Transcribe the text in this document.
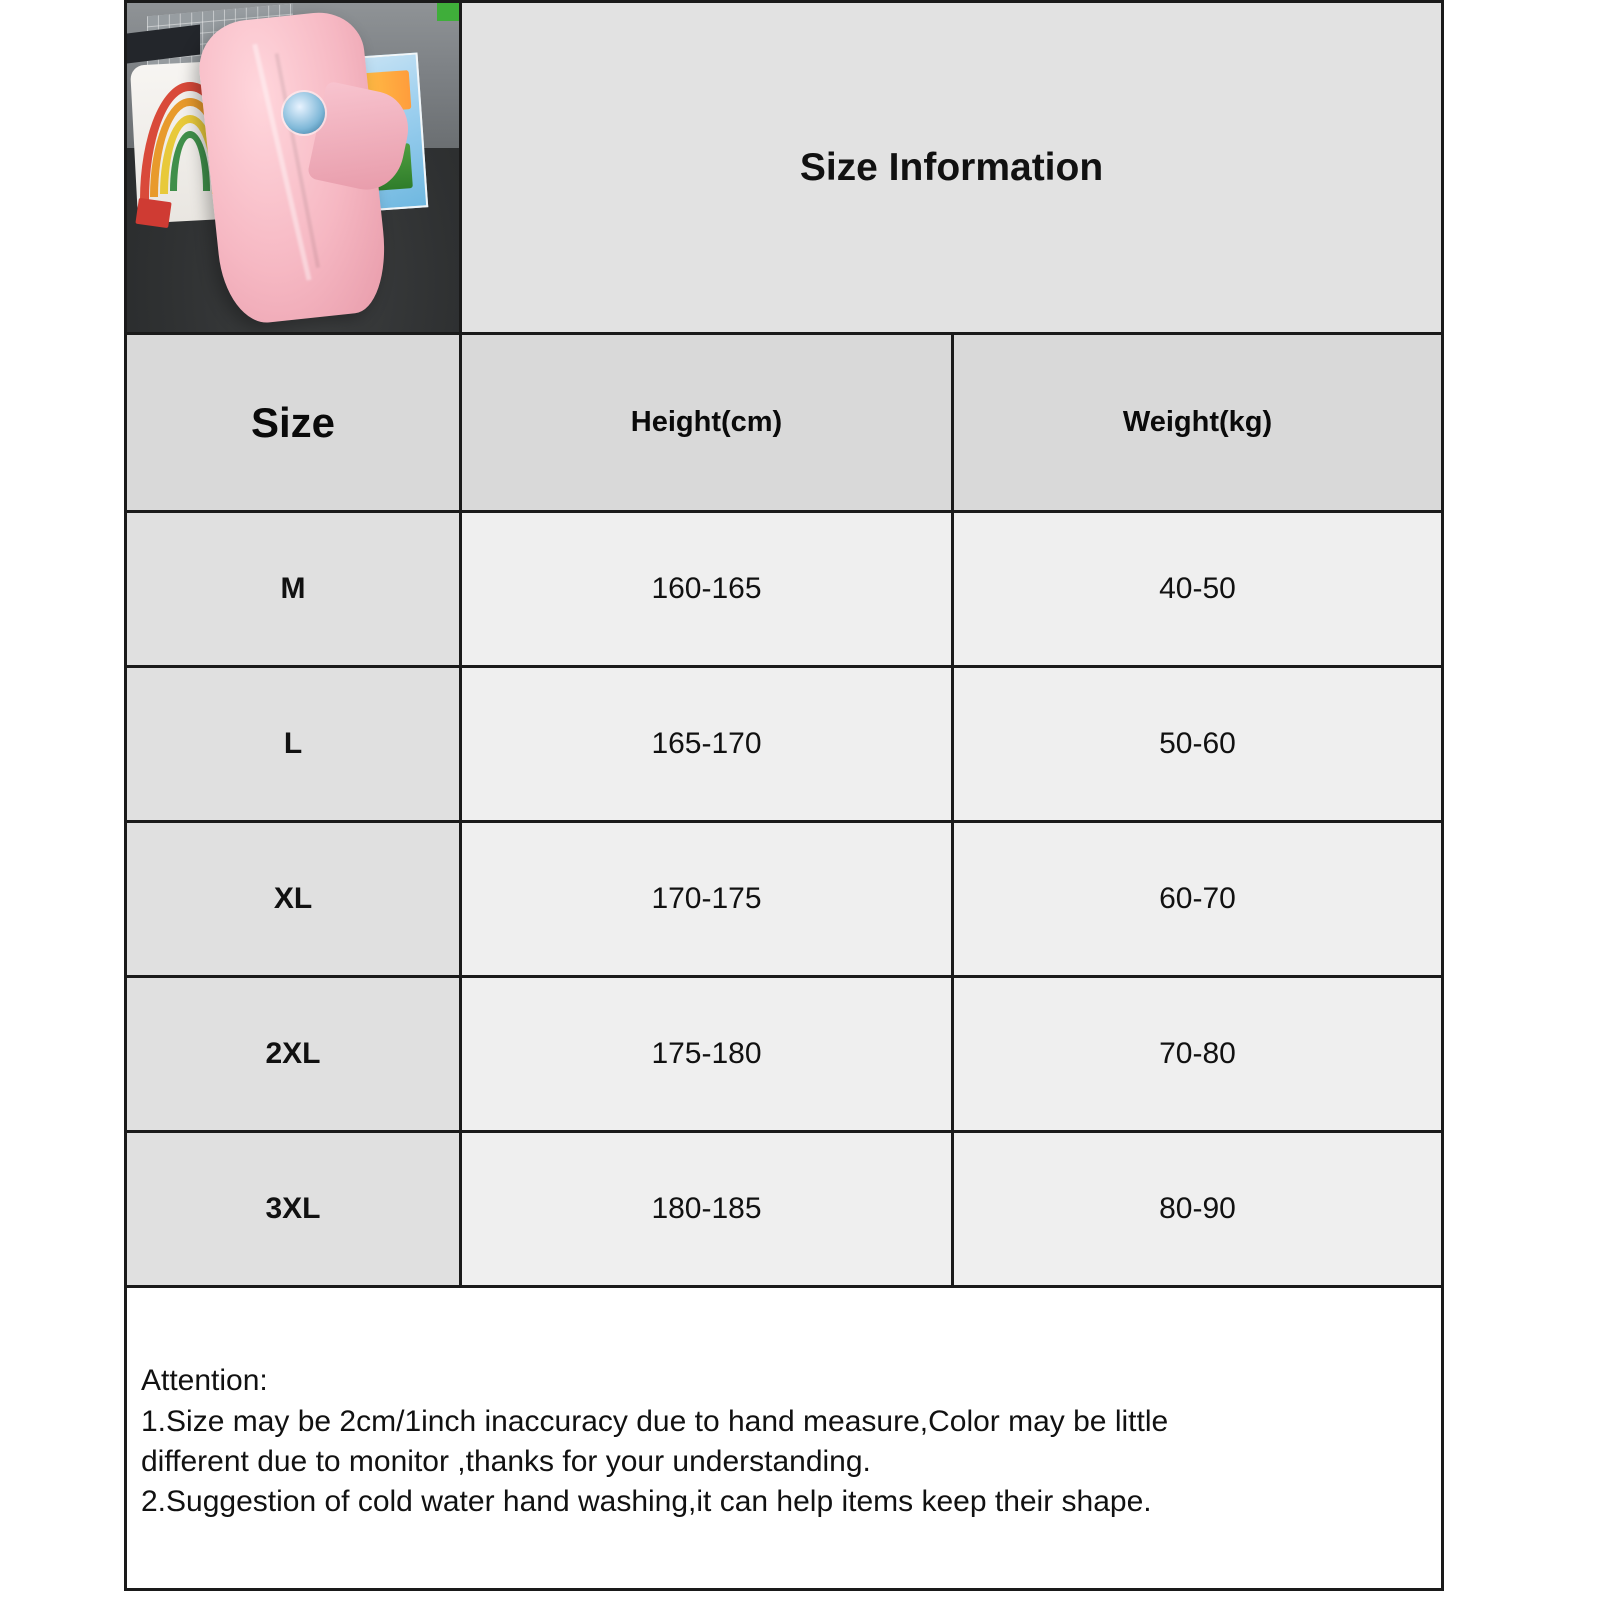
	Size Information	
Size	Height(cm)	Weight(kg)
M	160-165	40-50
L	165-170	50-60
XL	170-175	60-70
2XL	175-180	70-80
3XL	180-185	80-90

Attention:

1.Size may be 2cm/1inch inaccuracy due to hand measure,Color may be little

different due to monitor ,thanks for your understanding.

2.Suggestion of cold water hand washing,it can help items keep their shape.		
